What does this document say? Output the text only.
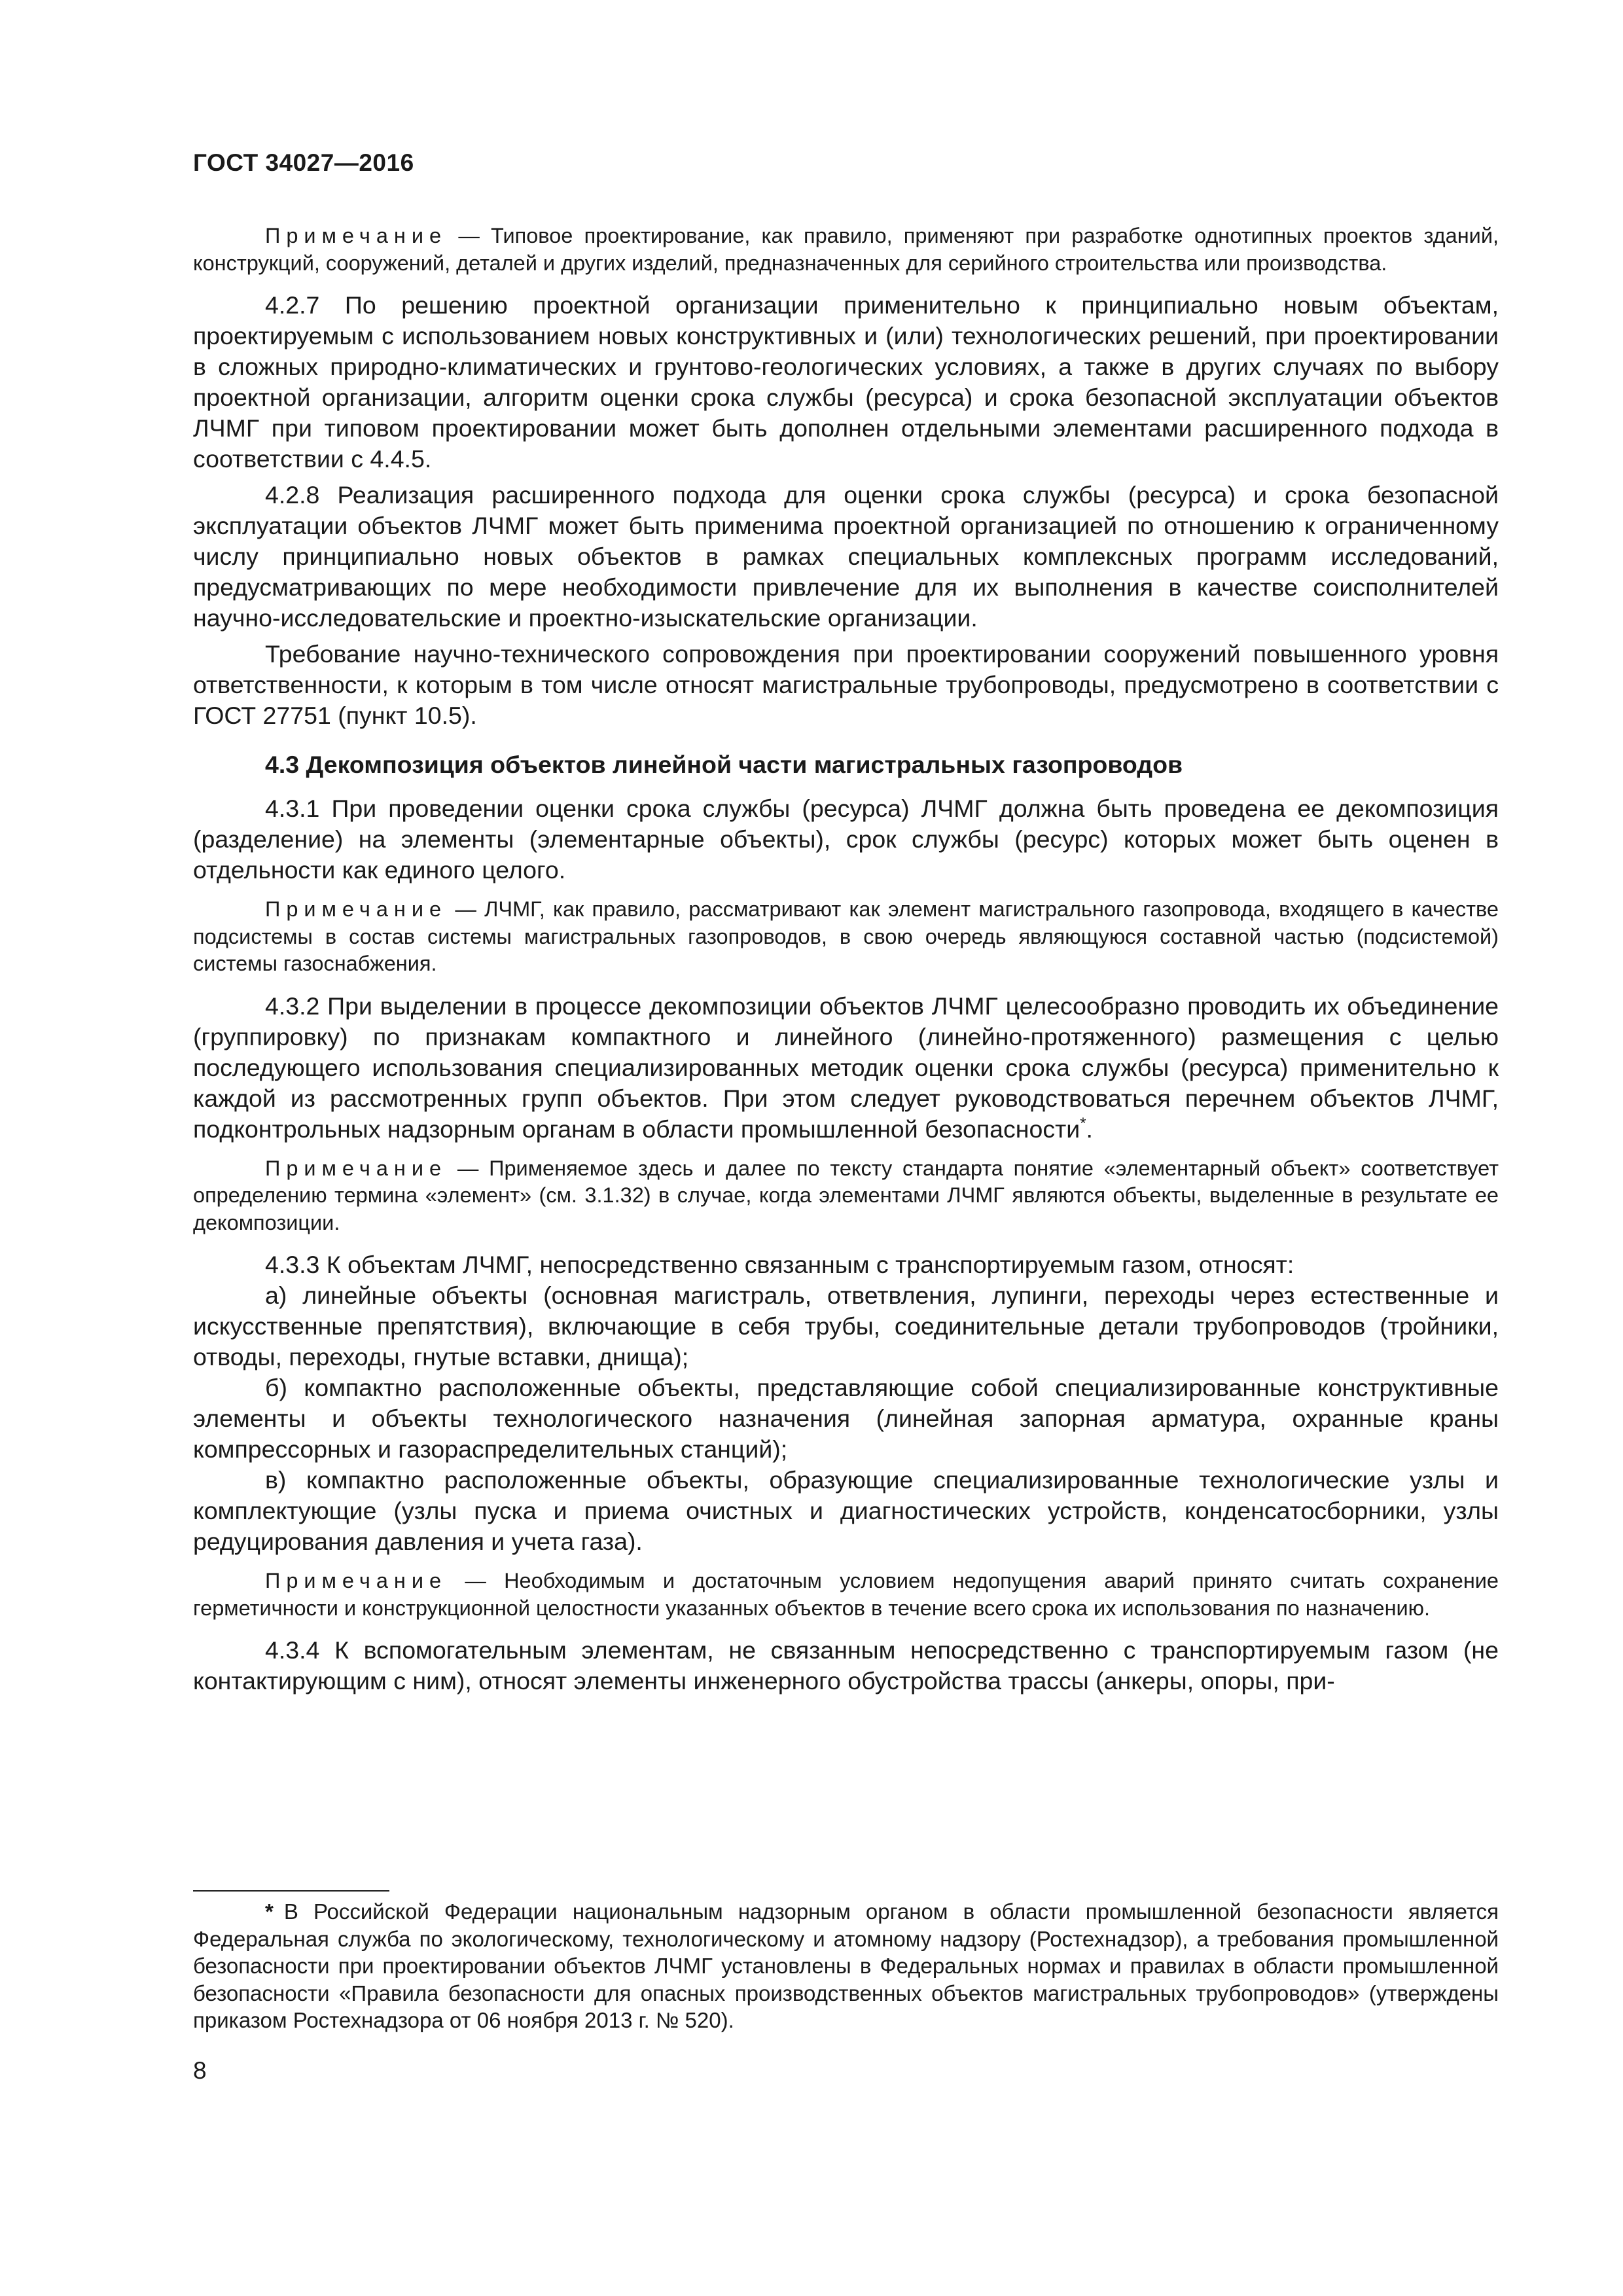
ГОСТ 34027—2016

Примечание — Типовое проектирование, как правило, применяют при разработке однотипных проектов зданий, конструкций, сооружений, деталей и других изделий, предназначенных для серийного строительства или производства.

4.2.7 По решению проектной организации применительно к принципиально новым объектам, проектируемым с использованием новых конструктивных и (или) технологических решений, при проектировании в сложных природно-климатических и грунтово-геологических условиях, а также в других случаях по выбору проектной организации, алгоритм оценки срока службы (ресурса) и срока безопасной эксплуатации объектов ЛЧМГ при типовом проектировании может быть дополнен отдельными элементами расширенного подхода в соответствии с 4.4.5.

4.2.8 Реализация расширенного подхода для оценки срока службы (ресурса) и срока безопасной эксплуатации объектов ЛЧМГ может быть применима проектной организацией по отношению к ограниченному числу принципиально новых объектов в рамках специальных комплексных программ исследований, предусматривающих по мере необходимости привлечение для их выполнения в качестве соисполнителей научно-исследовательские и проектно-изыскательские организации.

Требование научно-технического сопровождения при проектировании сооружений повышенного уровня ответственности, к которым в том числе относят магистральные трубопроводы, предусмотрено в соответствии с ГОСТ 27751 (пункт 10.5).

4.3 Декомпозиция объектов линейной части магистральных газопроводов

4.3.1 При проведении оценки срока службы (ресурса) ЛЧМГ должна быть проведена ее декомпозиция (разделение) на элементы (элементарные объекты), срок службы (ресурс) которых может быть оценен в отдельности как единого целого.

Примечание — ЛЧМГ, как правило, рассматривают как элемент магистрального газопровода, входящего в качестве подсистемы в состав системы магистральных газопроводов, в свою очередь являющуюся составной частью (подсистемой) системы газоснабжения.

4.3.2 При выделении в процессе декомпозиции объектов ЛЧМГ целесообразно проводить их объединение (группировку) по признакам компактного и линейного (линейно-протяженного) размещения с целью последующего использования специализированных методик оценки срока службы (ресурса) применительно к каждой из рассмотренных групп объектов. При этом следует руководствоваться перечнем объектов ЛЧМГ, подконтрольных надзорным органам в области промышленной безопасности*.

Примечание — Применяемое здесь и далее по тексту стандарта понятие «элементарный объект» соответствует определению термина «элемент» (см. 3.1.32) в случае, когда элементами ЛЧМГ являются объекты, выделенные в результате ее декомпозиции.

4.3.3 К объектам ЛЧМГ, непосредственно связанным с транспортируемым газом, относят:

а) линейные объекты (основная магистраль, ответвления, лупинги, переходы через естественные и искусственные препятствия), включающие в себя трубы, соединительные детали трубопроводов (тройники, отводы, переходы, гнутые вставки, днища);

б) компактно расположенные объекты, представляющие собой специализированные конструктивные элементы и объекты технологического назначения (линейная запорная арматура, охранные краны компрессорных и газораспределительных станций);

в) компактно расположенные объекты, образующие специализированные технологические узлы и комплектующие (узлы пуска и приема очистных и диагностических устройств, конденсатосборники, узлы редуцирования давления и учета газа).

Примечание — Необходимым и достаточным условием недопущения аварий принято считать сохранение герметичности и конструкционной целостности указанных объектов в течение всего срока их использования по назначению.

4.3.4 К вспомогательным элементам, не связанным непосредственно с транспортируемым газом (не контактирующим с ним), относят элементы инженерного обустройства трассы (анкеры, опоры, при-

* В Российской Федерации национальным надзорным органом в области промышленной безопасности является Федеральная служба по экологическому, технологическому и атомному надзору (Ростехнадзор), а требования промышленной безопасности при проектировании объектов ЛЧМГ установлены в Федеральных нормах и правилах в области промышленной безопасности «Правила безопасности для опасных производственных объектов магистральных трубопроводов» (утверждены приказом Ростехнадзора от 06 ноября 2013 г. № 520).

8
